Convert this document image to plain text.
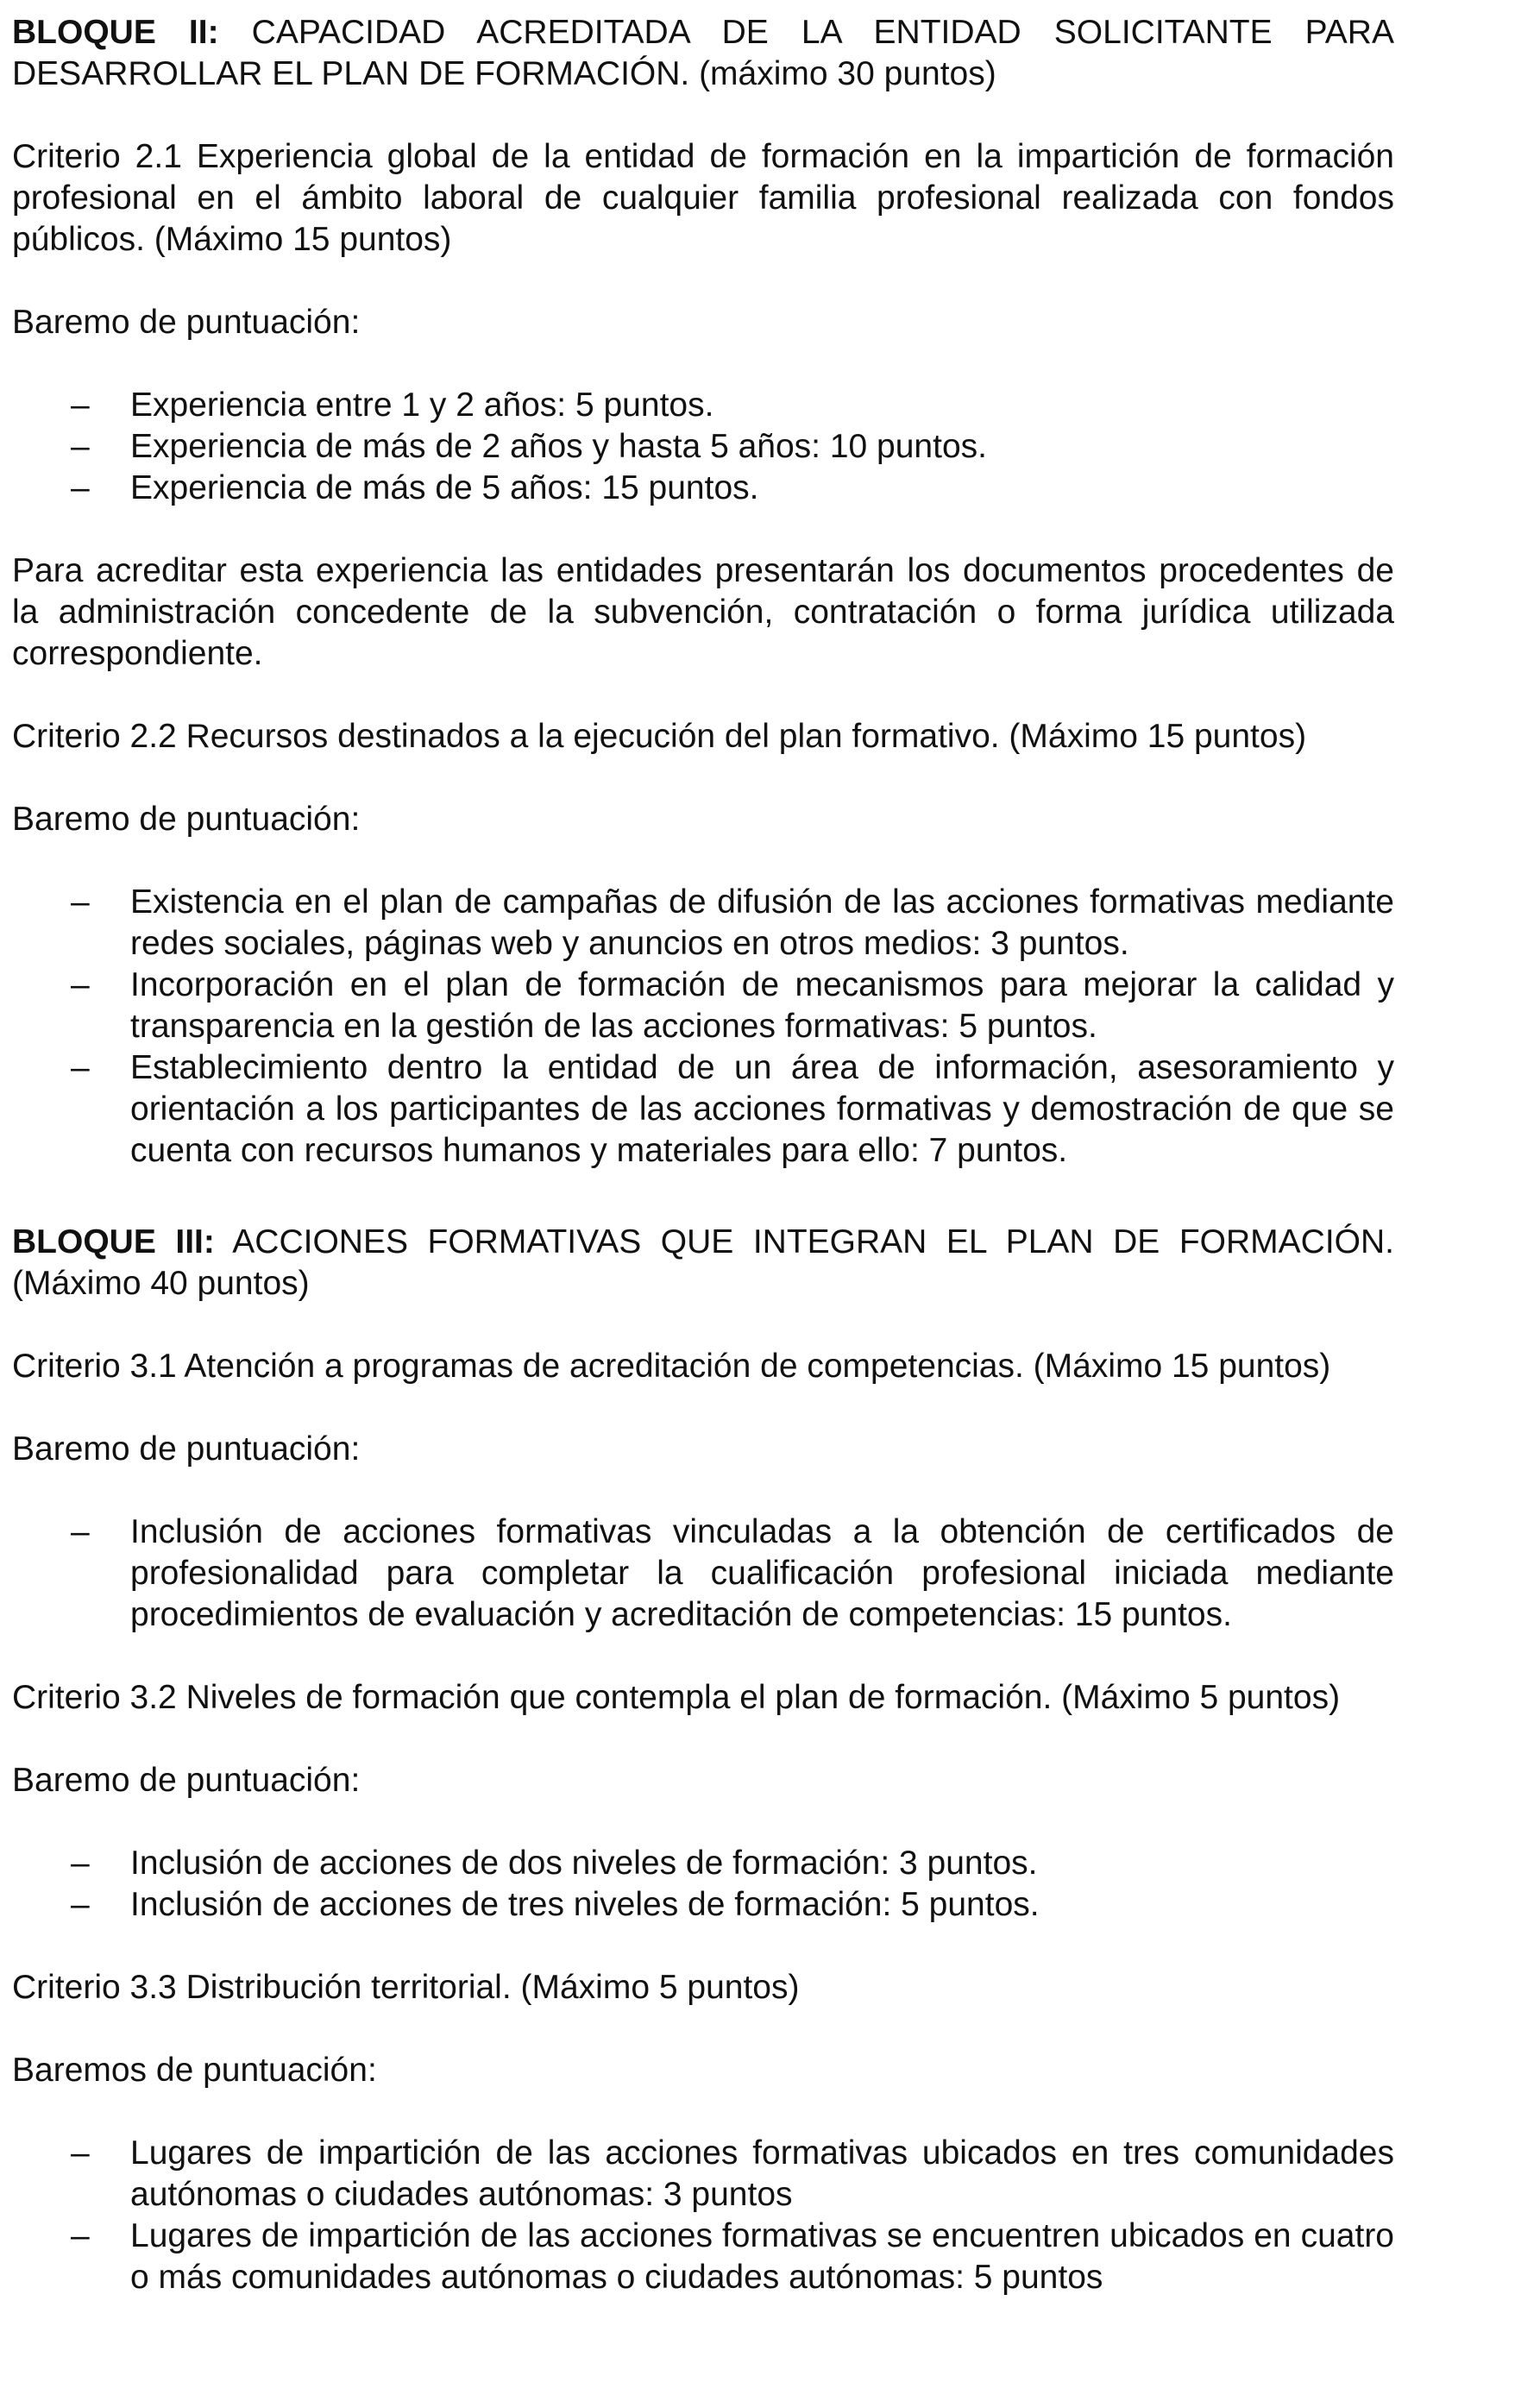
BLOQUE II: CAPACIDAD ACREDITADA DE LA ENTIDAD SOLICITANTE PARA DESARROLLAR EL PLAN DE FORMACIÓN. (máximo 30 puntos)

Criterio 2.1 Experiencia global de la entidad de formación en la impartición de formación profesional en el ámbito laboral de cualquier familia profesional realizada con fondos públicos. (Máximo 15 puntos)

Baremo de puntuación:

– Experiencia entre 1 y 2 años: 5 puntos.
– Experiencia de más de 2 años y hasta 5 años: 10 puntos.
– Experiencia de más de 5 años: 15 puntos.

Para acreditar esta experiencia las entidades presentarán los documentos procedentes de la administración concedente de la subvención, contratación o forma jurídica utilizada correspondiente.

Criterio 2.2 Recursos destinados a la ejecución del plan formativo. (Máximo 15 puntos)

Baremo de puntuación:

– Existencia en el plan de campañas de difusión de las acciones formativas mediante redes sociales, páginas web y anuncios en otros medios: 3 puntos.
– Incorporación en el plan de formación de mecanismos para mejorar la calidad y transparencia en la gestión de las acciones formativas: 5 puntos.
– Establecimiento dentro la entidad de un área de información, asesoramiento y orientación a los participantes de las acciones formativas y demostración de que se cuenta con recursos humanos y materiales para ello: 7 puntos.

BLOQUE III: ACCIONES FORMATIVAS QUE INTEGRAN EL PLAN DE FORMACIÓN. (Máximo 40 puntos)

Criterio 3.1 Atención a programas de acreditación de competencias. (Máximo 15 puntos)

Baremo de puntuación:

– Inclusión de acciones formativas vinculadas a la obtención de certificados de profesionalidad para completar la cualificación profesional iniciada mediante procedimientos de evaluación y acreditación de competencias: 15 puntos.

Criterio 3.2 Niveles de formación que contempla el plan de formación. (Máximo 5 puntos)

Baremo de puntuación:

– Inclusión de acciones de dos niveles de formación: 3 puntos.
– Inclusión de acciones de tres niveles de formación: 5 puntos.

Criterio 3.3 Distribución territorial. (Máximo 5 puntos)

Baremos de puntuación:

– Lugares de impartición de las acciones formativas ubicados en tres comunidades autónomas o ciudades autónomas: 3 puntos
– Lugares de impartición de las acciones formativas se encuentren ubicados en cuatro o más comunidades autónomas o ciudades autónomas: 5 puntos
